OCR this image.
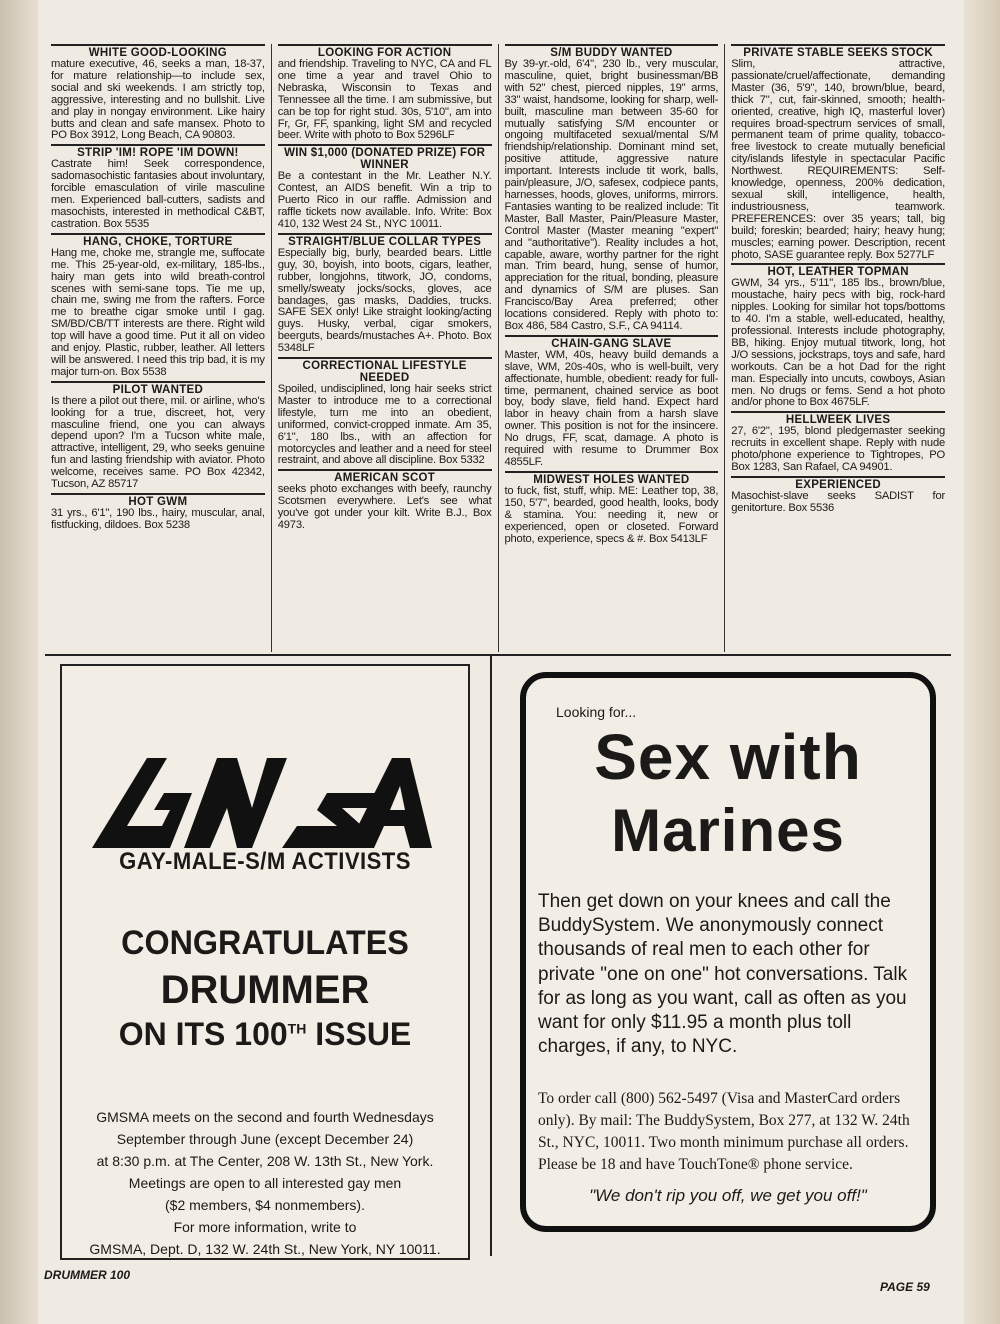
WHITE GOOD-LOOKING
mature executive, 46, seeks a man, 18-37, for mature relationship—to include sex, social and ski weekends. I am strictly top, aggressive, interesting and no bullshit. Live and play in nongay environment. Like hairy butts and clean and safe mansex. Photo to PO Box 3912, Long Beach, CA 90803.
STRIP 'IM! ROPE 'IM DOWN!
Castrate him! Seek correspondence, sadomasochistic fantasies about involuntary, forcible emasculation of virile masculine men. Experienced ball-cutters, sadists and masochists, interested in methodical C&BT, castration. Box 5535
HANG, CHOKE, TORTURE
Hang me, choke me, strangle me, suffocate me. This 25-year-old, ex-military, 185-lbs., hairy man gets into wild breath-control scenes with semi-sane tops. Tie me up, chain me, swing me from the rafters. Force me to breathe cigar smoke until I gag. SM/BD/CB/TT interests are there. Right wild top will have a good time. Put it all on video and enjoy. Plastic, rubber, leather. All letters will be answered. I need this trip bad, it is my major turn-on. Box 5538
PILOT WANTED
Is there a pilot out there, mil. or airline, who's looking for a true, discreet, hot, very masculine friend, one you can always depend upon? I'm a Tucson white male, attractive, intelligent, 29, who seeks genuine fun and lasting friendship with aviator. Photo welcome, receives same. PO Box 42342, Tucson, AZ 85717
HOT GWM
31 yrs., 6'1", 190 lbs., hairy, muscular, anal, fistfucking, dildoes. Box 5238
LOOKING FOR ACTION
and friendship. Traveling to NYC, CA and FL one time a year and travel Ohio to Nebraska, Wisconsin to Texas and Tennessee all the time. I am submissive, but can be top for right stud. 30s, 5'10", am into Fr, Gr, FF, spanking, light SM and recycled beer. Write with photo to Box 5296LF
WIN $1,000 (DONATED PRIZE) FOR WINNER
Be a contestant in the Mr. Leather N.Y. Contest, an AIDS benefit. Win a trip to Puerto Rico in our raffle. Admission and raffle tickets now available. Info. Write: Box 410, 132 West 24 St., NYC 10011.
STRAIGHT/BLUE COLLAR TYPES
Especially big, burly, bearded bears. Little guy, 30, boyish, into boots, cigars, leather, rubber, longjohns, titwork, JO, condoms, smelly/sweaty jocks/socks, gloves, ace bandages, gas masks, Daddies, trucks. SAFE SEX only! Like straight looking/acting guys. Husky, verbal, cigar smokers, beerguts, beards/mustaches A+. Photo. Box 5348LF
CORRECTIONAL LIFESTYLE NEEDED
Spoiled, undisciplined, long hair seeks strict Master to introduce me to a correctional lifestyle, turn me into an obedient, uniformed, convict-cropped inmate. Am 35, 6'1", 180 lbs., with an affection for motorcycles and leather and a need for steel restraint, and above all discipline. Box 5332
AMERICAN SCOT
seeks photo exchanges with beefy, raunchy Scotsmen everywhere. Let's see what you've got under your kilt. Write B.J., Box 4973.
S/M BUDDY WANTED
By 39-yr.-old, 6'4", 230 lb., very muscular, masculine, quiet, bright businessman/BB with 52" chest, pierced nipples, 19" arms, 33" waist, handsome, looking for sharp, well-built, masculine man between 35-60 for mutually satisfying S/M encounter or ongoing multifaceted sexual/mental S/M friendship/relationship. Dominant mind set, positive attitude, aggressive nature important. Interests include tit work, balls, pain/pleasure, J/O, safesex, codpiece pants, harnesses, hoods, gloves, uniforms, mirrors. Fantasies wanting to be realized include: Tit Master, Ball Master, Pain/Pleasure Master, Control Master (Master meaning "expert" and "authoritative"). Reality includes a hot, capable, aware, worthy partner for the right man. Trim beard, hung, sense of humor, appreciation for the ritual, bonding, pleasure and dynamics of S/M are pluses. San Francisco/Bay Area preferred; other locations considered. Reply with photo to: Box 486, 584 Castro, S.F., CA 94114.
CHAIN-GANG SLAVE
Master, WM, 40s, heavy build demands a slave, WM, 20s-40s, who is well-built, very affectionate, humble, obedient: ready for full-time, permanent, chained service as boot boy, body slave, field hand. Expect hard labor in heavy chain from a harsh slave owner. This position is not for the insincere. No drugs, FF, scat, damage. A photo is required with resume to Drummer Box 4855LF.
MIDWEST HOLES WANTED
to fuck, fist, stuff, whip. ME: Leather top, 38, 150, 5'7", bearded, good health, looks, body & stamina. You: needing it, new or experienced, open or closeted. Forward photo, experience, specs & #. Box 5413LF
PRIVATE STABLE SEEKS STOCK
Slim, attractive, passionate/cruel/affectionate, demanding Master (36, 5'9", 140, brown/blue, beard, thick 7", cut, fair-skinned, smooth; health-oriented, creative, high IQ, masterful lover) requires broad-spectrum services of small, permanent team of prime quality, tobacco-free livestock to create mutually beneficial city/islands lifestyle in spectacular Pacific Northwest. REQUIREMENTS: Self-knowledge, openness, 200% dedication, sexual skill, intelligence, health, industriousness, teamwork. PREFERENCES: over 35 years; tall, big build; foreskin; bearded; hairy; heavy hung; muscles; earning power. Description, recent photo, SASE guarantee reply. Box 5277LF
HOT, LEATHER TOPMAN
GWM, 34 yrs., 5'11", 185 lbs., brown/blue, moustache, hairy pecs with big, rock-hard nipples. Looking for similar hot tops/bottoms to 40. I'm a stable, well-educated, healthy, professional. Interests include photography, BB, hiking. Enjoy mutual titwork, long, hot J/O sessions, jockstraps, toys and safe, hard workouts. Can be a hot Dad for the right man. Especially into uncuts, cowboys, Asian men. No drugs or fems. Send a hot photo and/or phone to Box 4675LF.
HELLWEEK LIVES
27, 6'2", 195, blond pledgemaster seeking recruits in excellent shape. Reply with nude photo/phone experience to Tightropes, PO Box 1283, San Rafael, CA 94901.
EXPERIENCED
Masochist-slave seeks SADIST for genitorture. Box 5536
GAY-MALE-S/M ACTIVISTS
CONGRATULATES
DRUMMER
ON ITS 100TH ISSUE
GMSMA meets on the second and fourth Wednesdays
September through June (except December 24)
at 8:30 p.m. at The Center, 208 W. 13th St., New York.
Meetings are open to all interested gay men
($2 members, $4 nonmembers).
For more information, write to
GMSMA, Dept. D, 132 W. 24th St., New York, NY 10011.
Looking for...
Sex with
Marines
Then get down on your knees and call the BuddySystem. We anonymously connect thousands of real men to each other for private "one on one" hot conversations. Talk for as long as you want, call as often as you want for only $11.95 a month plus toll charges, if any, to NYC.
To order call (800) 562-5497 (Visa and MasterCard orders only). By mail: The BuddySystem, Box 277, at 132 W. 24th St., NYC, 10011. Two month minimum purchase all orders. Please be 18 and have TouchTone® phone service.
"We don't rip you off, we get you off!"
DRUMMER 100
PAGE 59
